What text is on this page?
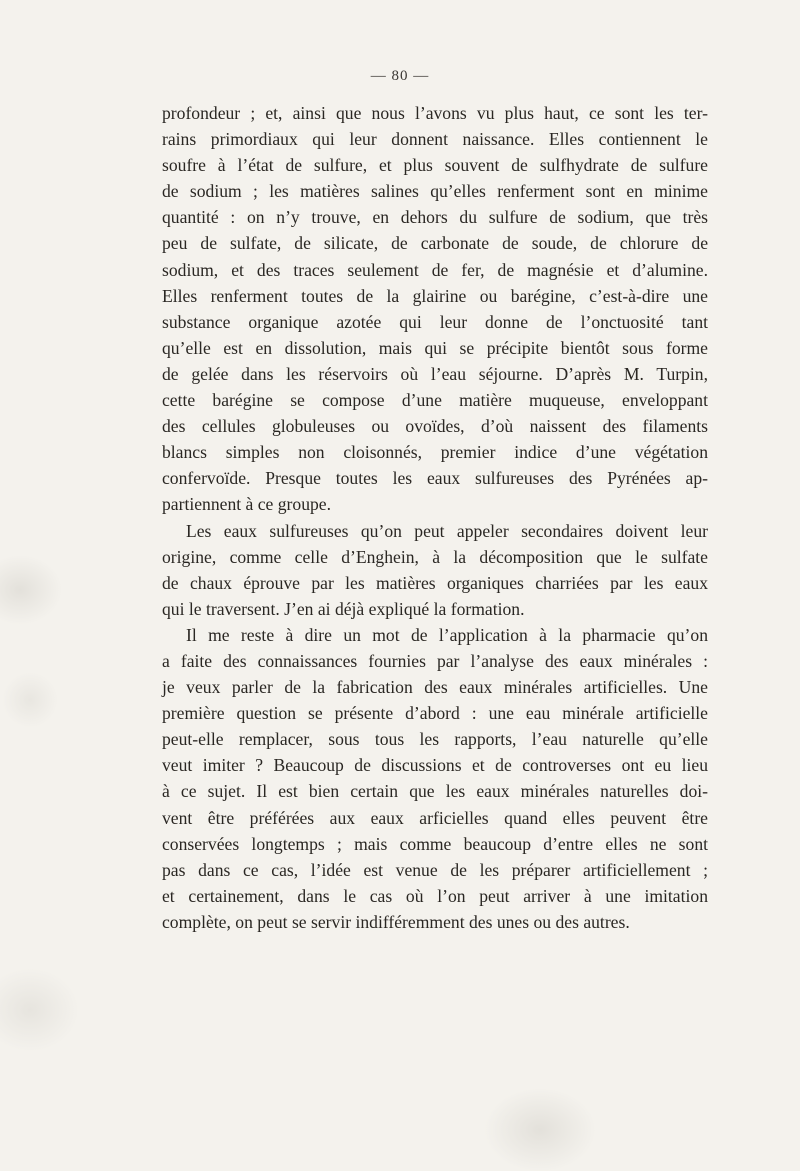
— 80 —
profondeur ; et, ainsi que nous l’avons vu plus haut, ce sont les ter-
rains primordiaux qui leur donnent naissance. Elles contiennent le
soufre à l’état de sulfure, et plus souvent de sulfhydrate de sulfure
de sodium ; les matières salines qu’elles renferment sont en minime
quantité : on n’y trouve, en dehors du sulfure de sodium, que très
peu de sulfate, de silicate, de carbonate de soude, de chlorure de
sodium, et des traces seulement de fer, de magnésie et d’alumine.
Elles renferment toutes de la glairine ou barégine, c’est-à-dire une
substance organique azotée qui leur donne de l’onctuosité tant
qu’elle est en dissolution, mais qui se précipite bientôt sous forme
de gelée dans les réservoirs où l’eau séjourne. D’après M. Turpin,
cette barégine se compose d’une matière muqueuse, enveloppant
des cellules globuleuses ou ovoïdes, d’où naissent des filaments
blancs simples non cloisonnés, premier indice d’une végétation
confervoïde. Presque toutes les eaux sulfureuses des Pyrénées ap-
partiennent à ce groupe.
Les eaux sulfureuses qu’on peut appeler secondaires doivent leur
origine, comme celle d’Enghein, à la décomposition que le sulfate
de chaux éprouve par les matières organiques charriées par les eaux
qui le traversent. J’en ai déjà expliqué la formation.
Il me reste à dire un mot de l’application à la pharmacie qu’on
a faite des connaissances fournies par l’analyse des eaux minérales :
je veux parler de la fabrication des eaux minérales artificielles. Une
première question se présente d’abord : une eau minérale artificielle
peut-elle remplacer, sous tous les rapports, l’eau naturelle qu’elle
veut imiter ? Beaucoup de discussions et de controverses ont eu lieu
à ce sujet. Il est bien certain que les eaux minérales naturelles doi-
vent être préférées aux eaux arficielles quand elles peuvent être
conservées longtemps ; mais comme beaucoup d’entre elles ne sont
pas dans ce cas, l’idée est venue de les préparer artificiellement ;
et certainement, dans le cas où l’on peut arriver à une imitation
complète, on peut se servir indifféremment des unes ou des autres.
